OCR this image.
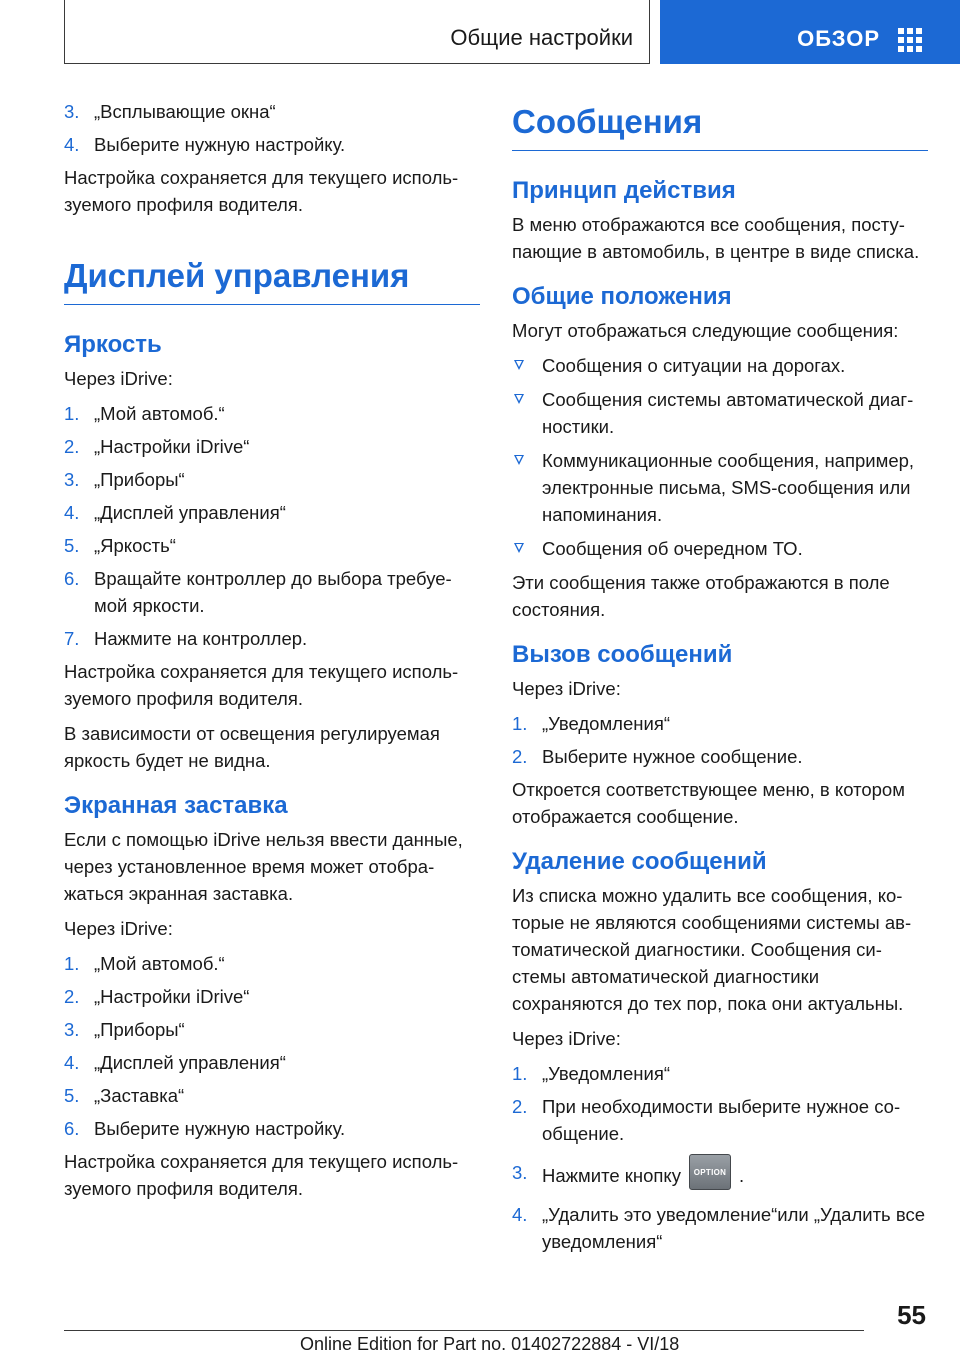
Общие настройки	ОБЗОР
3. „Всплывающие окна“
4. Выберите нужную настройку.

Настройка сохраняется для текущего исполь‐ зуемого профиля водителя.

Дисплей управления
Яркость

Через iDrive:

1. „Мой автомоб.“
2. „Настройки iDrive“
3. „Приборы“
4. „Дисплей управления“
5. „Яркость“
6. Вращайте контроллер до выбора требуе‐ мой яркости.
7. Нажмите на контроллер.

Настройка сохраняется для текущего исполь‐ зуемого профиля водителя.

В зависимости от освещения регулируемая яркость будет не видна.

Экранная заставка

Если с помощью iDrive нельзя ввести данные, через установленное время может отобра‐ жаться экранная заставка.

Через iDrive:

1. „Мой автомоб.“
2. „Настройки iDrive“
3. „Приборы“
4. „Дисплей управления“
5. „Заставка“
6. Выберите нужную настройку.

Настройка сохраняется для текущего исполь‐ зуемого профиля водителя.

Сообщения
Принцип действия

В меню отображаются все сообщения, посту‐ пающие в автомобиль, в центре в виде списка.

Общие положения

Могут отображаться следующие сообщения:

Сообщения о ситуации на дорогах.
Сообщения системы автоматической диаг‐ ностики.
Коммуникационные сообщения, например, электронные письма, SMS-сообщения или напоминания.
Сообщения об очередном ТО.

Эти сообщения также отображаются в поле состояния.

Вызов сообщений

Через iDrive:

1. „Уведомления“
2. Выберите нужное сообщение.

Откроется соответствующее меню, в котором отображается сообщение.

Удаление сообщений

Из списка можно удалить все сообщения, ко‐ торые не являются сообщениями системы ав‐ томатической диагностики. Сообщения си‐ стемы автоматической диагностики сохраняются до тех пор, пока они актуальны.

Через iDrive:

1. „Уведомления“
2. При необходимости выберите нужное со‐ общение.
3. Нажмите кнопку OPTION .
4. „Удалить это уведомление“или „Удалить все уведомления“
55
Online Edition for Part no. 01402722884 - VI/18
